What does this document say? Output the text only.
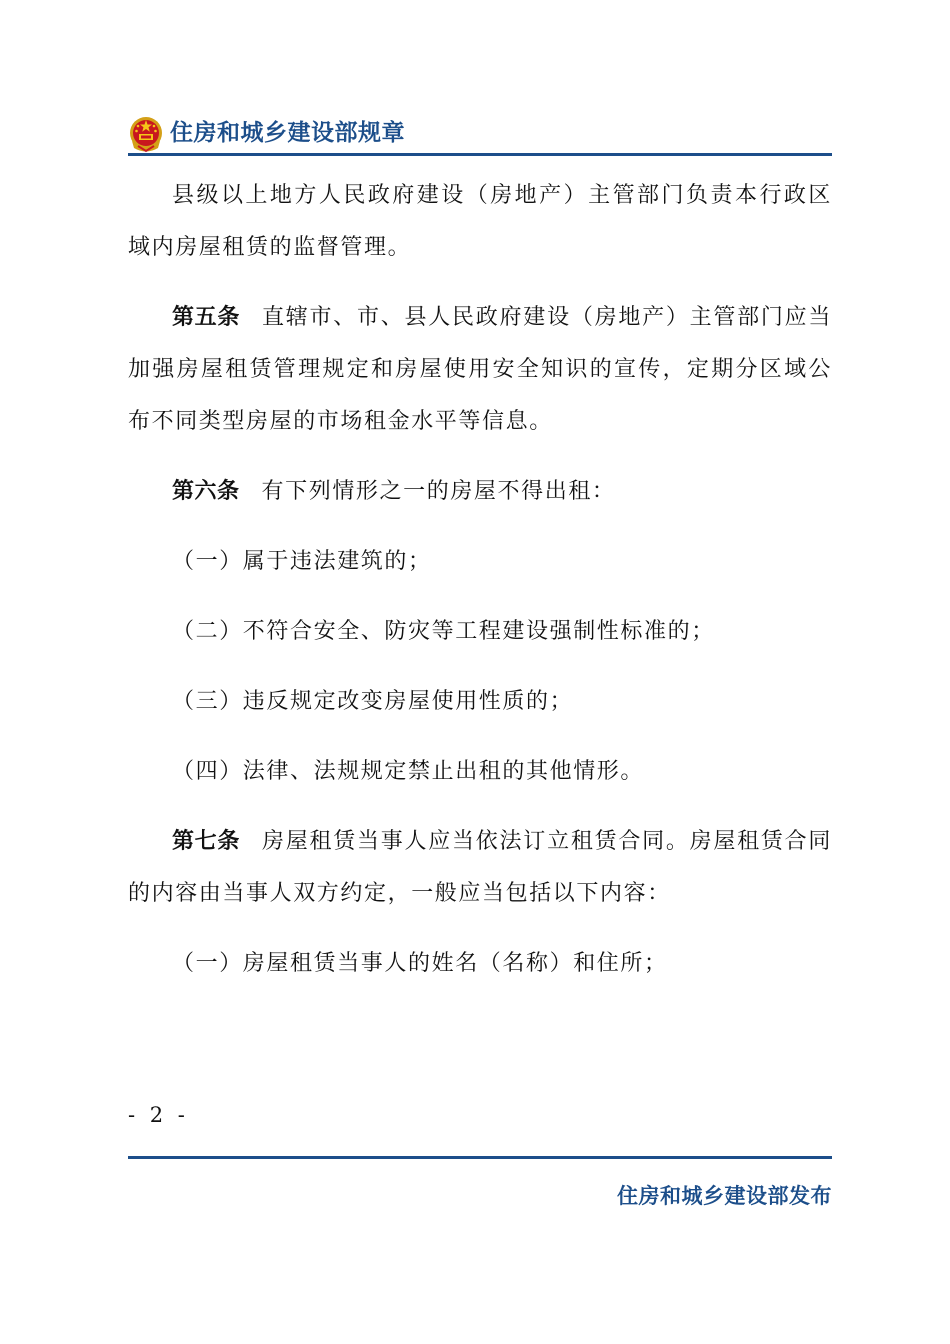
住房和城乡建设部规章

县级以上地方人民政府建设（房地产）主管部门负责本行政区域内房屋租赁的监督管理。

第五条 直辖市、市、县人民政府建设（房地产）主管部门应当加强房屋租赁管理规定和房屋使用安全知识的宣传，定期分区域公布不同类型房屋的市场租金水平等信息。

第六条 有下列情形之一的房屋不得出租：

（一）属于违法建筑的；

（二）不符合安全、防灾等工程建设强制性标准的；

（三）违反规定改变房屋使用性质的；

（四）法律、法规规定禁止出租的其他情形。

第七条 房屋租赁当事人应当依法订立租赁合同。房屋租赁合同的内容由当事人双方约定，一般应当包括以下内容：

（一）房屋租赁当事人的姓名（名称）和住所；

- 2 -
住房和城乡建设部发布
